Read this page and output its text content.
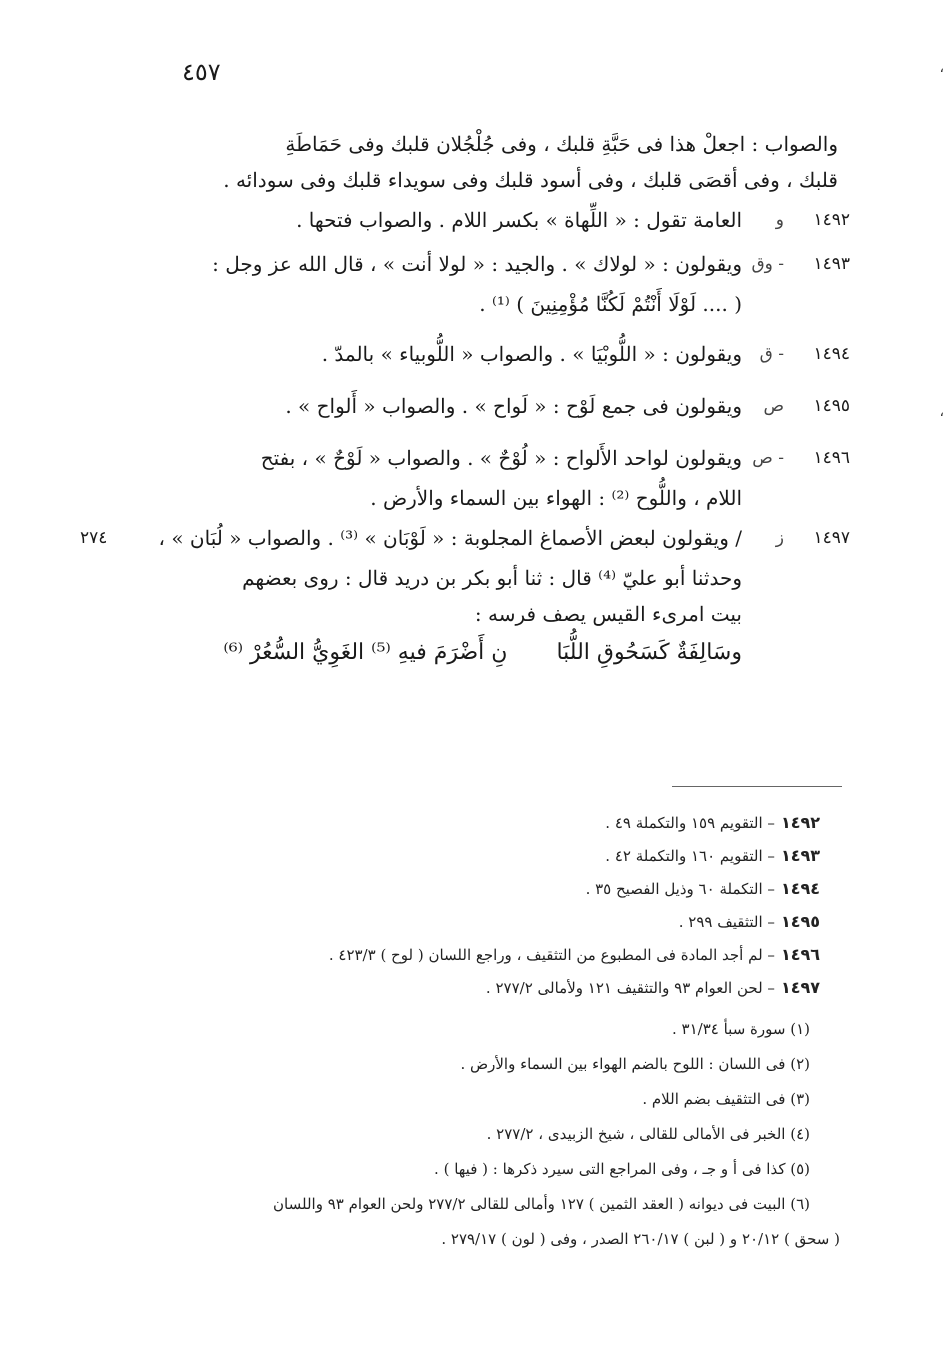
٤٥٧	،
،
والصواب : اجعلْ هذا فى حَبَّةِ قلبك ، وفى جُلْجُلان قلبك وفى حَمَاطَةِ
قلبك ، وفى أقصَى قلبك ، وفى أسود قلبك وفى سويداء قلبك وفى سودائه .
١٤٩٢
و
العامة تقول : « اللِّهاة » بكسر اللام . والصواب فتحها .
١٤٩٣
- وق
ويقولون : « لولاك » . والجيد : « لولا أنت » ، قال الله عز وجل :
( .... لَوْلَا أَنْتُمْ لَكُنَّا مُؤْمِنِينَ ) ⁽¹⁾ .
١٤٩٤
- ق
ويقولون : « اللُّوبْيَا » . والصواب « اللُّوبياء » بالمدّ .
١٤٩٥
ص
ويقولون فى جمع لَوْح : « لَواح » . والصواب « أَلواح » .
١٤٩٦
- ص
ويقولون لواحد الأَلواح : « لُوْحٌ » . والصواب « لَوْحٌ » ، بفتح
اللام ، واللُّوح ⁽²⁾ : الهواء بين السماء والأرض .
١٤٩٧
ز
٢٧٤	/ ويقولون لبعض الأصماغ المجلوبة : « لَوْبَان » ⁽³⁾ . والصواب « لُبَان » ،
وحدثنا أبو عليّ ⁽⁴⁾ قال : ثنا أبو بكر بن دريد قال : روى بعضهم
بيت امرىء القيس يصف فرسه :
وسَالِفَةٌ كَسَحُوقِ اللُّبَا نِ أَضْرَمَ فيهِ ⁽⁵⁾ الغَوِيُّ السُّعُرْ ⁽⁶⁾
١٤٩٢– التقويم ١٥٩ والتكملة ٤٩ .
١٤٩٣– التقويم ١٦٠ والتكملة ٤٢ .
١٤٩٤– التكملة ٦٠ وذيل الفصيح ٣٥ .
١٤٩٥– التثقيف ٢٩٩ .
١٤٩٦– لم أجد المادة فى المطبوع من التثقيف ، وراجع اللسان ( لوح ) ٤٢٣/٣ .
١٤٩٧– لحن العوام ٩٣ والتثقيف ١٢١ ولأمالى ٢٧٧/٢ .
(١) سورة سبأ ٣١/٣٤ .
(٢) فى اللسان : اللوح بالضم الهواء بين السماء والأرض .
(٣) فى التثقيف بضم اللام .
(٤) الخبر فى الأمالى للقالى ، شيخ الزبيدى ، ٢٧٧/٢ .
(٥) كذا فى أ و جـ ، وفى المراجع التى سيرد ذكرها : ( فيها ) .
(٦) البيت فى ديوانه ( العقد الثمين ) ١٢٧ وأمالى للقالى ٢٧٧/٢ ولحن العوام ٩٣ واللسان
( سحق ) ٢٠/١٢ و ( لبن ) ٢٦٠/١٧ الصدر ، وفى ( لون ) ٢٧٩/١٧ .
